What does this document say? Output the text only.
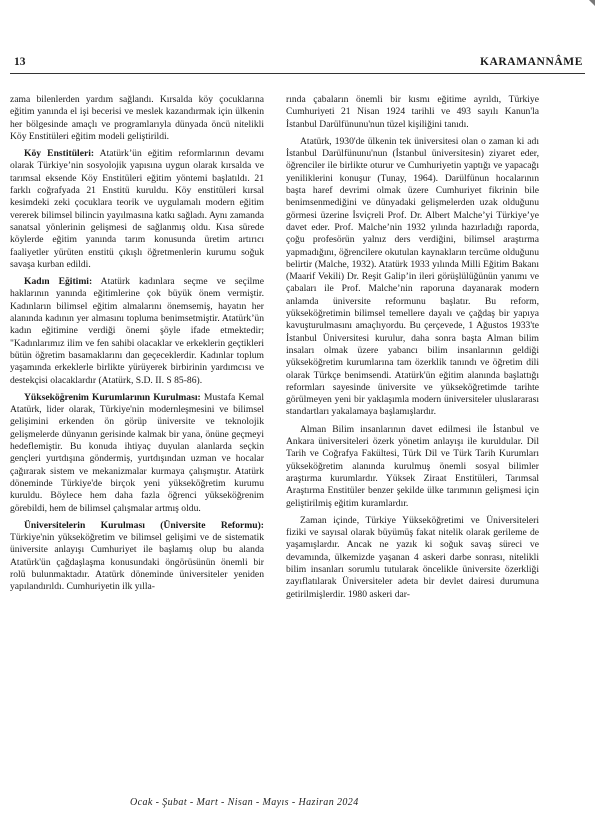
13	KARAMANNÂME

zama bilenlerden yardım sağlandı. Kırsalda köy çocuklarına eğitim yanında el işi becerisi ve meslek kazandırmak için ülkenin her bölgesinde amaçlı ve programlarıyla dünyada öncü nitelikli Köy Enstitüleri eğitim modeli geliştirildi.

Köy Enstitüleri: Atatürk’ün eğitim reformlarının devamı olarak Türkiye’nin sosyolojik yapısına uygun olarak kırsalda ve tarımsal eksende Köy Enstitüleri eğitim yöntemi başlatıldı. 21 farklı coğrafyada 21 Enstitü kuruldu. Köy enstitüleri kırsal kesimdeki zeki çocuklara teorik ve uygulamalı modern eğitim vererek bilimsel bilincin yayılmasına katkı sağladı. Aynı zamanda sanatsal yönlerinin gelişmesi de sağlanmış oldu. Kısa sürede köylerde eğitim yanında tarım konusunda üretim artırıcı faaliyetler yürüten enstitü çıkışlı öğretmenlerin kurumu soğuk savaşa kurban edildi.

Kadın Eğitimi: Atatürk kadınlara seçme ve seçilme haklarının yanında eğitimlerine çok büyük önem vermiştir. Kadınların bilimsel eğitim almalarını önemsemiş, hayatın her alanında kadının yer almasını topluma benimsetmiştir. Atatürk’ün kadın eğitimine verdiği önemi şöyle ifade etmektedir; "Kadınlarımız ilim ve fen sahibi olacaklar ve erkeklerin geçtikleri bütün öğretim basamaklarını dan geçeceklerdir. Kadınlar toplum yaşamında erkeklerle birlikte yürüyerek birbirinin yardımcısı ve destekçisi olacaklardır (Atatürk, S.D. II. S 85-86).

Yükseköğrenim Kurumlarının Kurulması: Mustafa Kemal Atatürk, lider olarak, Türkiye'nin modernleşmesini ve bilimsel gelişimini erkenden ön görüp üniversite ve teknolojik gelişmelerde dünyanın gerisinde kalmak bir yana, önüne geçmeyi hedeflemiştir. Bu konuda ihtiyaç duyulan alanlarda seçkin gençleri yurtdışına göndermiş, yurtdışından uzman ve hocalar çağırarak sistem ve mekanizmalar kurmaya çalışmıştır. Atatürk döneminde Türkiye'de birçok yeni yükseköğretim kurumu kuruldu. Böylece hem daha fazla öğrenci yükseköğrenim görebildi, hem de bilimsel çalışmalar artmış oldu.

Üniversitelerin Kurulması (Üniversite Reformu): Türkiye'nin yükseköğretim ve bilimsel gelişimi ve de sistematik üniversite anlayışı Cumhuriyet ile başlamış olup bu alanda Atatürk'ün çağdaşlaşma konusundaki öngörüsünün önemli bir rolü bulunmaktadır. Atatürk döneminde üniversiteler yeniden yapılandırıldı. Cumhuriyetin ilk yılla-

rında çabaların önemli bir kısmı eğitime ayrıldı, Türkiye Cumhuriyeti 21 Nisan 1924 tarihli ve 493 sayılı Kanun'la İstanbul Darülfünunu'nun tüzel kişiliğini tanıdı.

Atatürk, 1930'de ülkenin tek üniversitesi olan o zaman ki adı İstanbul Darülfünunu'nun (İstanbul üniversitesin) ziyaret eder, öğrenciler ile birlikte oturur ve Cumhuriyetin yaptığı ve yapacağı yeniliklerini konuşur (Tunay, 1964). Darülfünun hocalarının başta haref devrimi olmak üzere Cumhuriyet fikrinin bile benimsenmediğini ve dünyadaki gelişmelerden uzak olduğunu görmesi üzerine İsviçreli Prof. Dr. Albert Malche’yi Türkiye’ye davet eder. Prof. Malche’nin 1932 yılında hazırladığı raporda, çoğu profesörün yalnız ders verdiğini, bilimsel araştırma yapmadığını, öğrencilere okutulan kaynakların tercüme olduğunu belirtir (Malche, 1932). Atatürk 1933 yılında Milli Eğitim Bakanı (Maarif Vekili) Dr. Reşit Galip’in ileri görüşlülüğünün yanımı ve çabaları ile Prof. Malche’nin raporuna dayanarak modern anlamda üniversite reformunu başlatır. Bu reform, yükseköğretimin bilimsel temellere dayalı ve çağdaş bir yapıya kavuşturulmasını amaçlıyordu. Bu çerçevede, 1 Ağustos 1933'te İstanbul Üniversitesi kurulur, daha sonra başta Alman bilim insaları olmak üzere yabancı bilim insanlarının geldiği yükseköğretim kurumlarına tam özerklik tanındı ve öğretim dili olarak Türkçe benimsendi. Atatürk'ün eğitim alanında başlattığı reformları sayesinde üniversite ve yükseköğretimde tarihte görülmeyen yeni bir yaklaşımla modern üniversiteler uluslararası standartları yakalamaya başlamışlardır.

Alman Bilim insanlarının davet edilmesi ile İstanbul ve Ankara üniversiteleri özerk yönetim anlayışı ile kuruldular. Dil Tarih ve Coğrafya Fakültesi, Türk Dil ve Türk Tarih Kurumları yükseköğretim alanında kurulmuş önemli sosyal bilimler araştırma kurumlardır. Yüksek Ziraat Enstitüleri, Tarımsal Araştırma Enstitüler benzer şekilde ülke tarımının gelişmesi için geliştirilmiş eğitim kuramlardır.

Zaman içinde, Türkiye Yükseköğretimi ve Üniversiteleri fiziki ve sayısal olarak büyümüş fakat nitelik olarak gerileme de yaşamışlardır. Ancak ne yazık ki soğuk savaş süreci ve devamında, ülkemizde yaşanan 4 askeri darbe sonrası, nitelikli bilim insanları sorumlu tutularak öncelikle üniversite özerkliği zayıflatılarak Üniversiteler adeta bir devlet dairesi durumuna getirilmişlerdir. 1980 askeri dar-

Ocak - Şubat - Mart - Nisan - Mayıs - Haziran 2024
